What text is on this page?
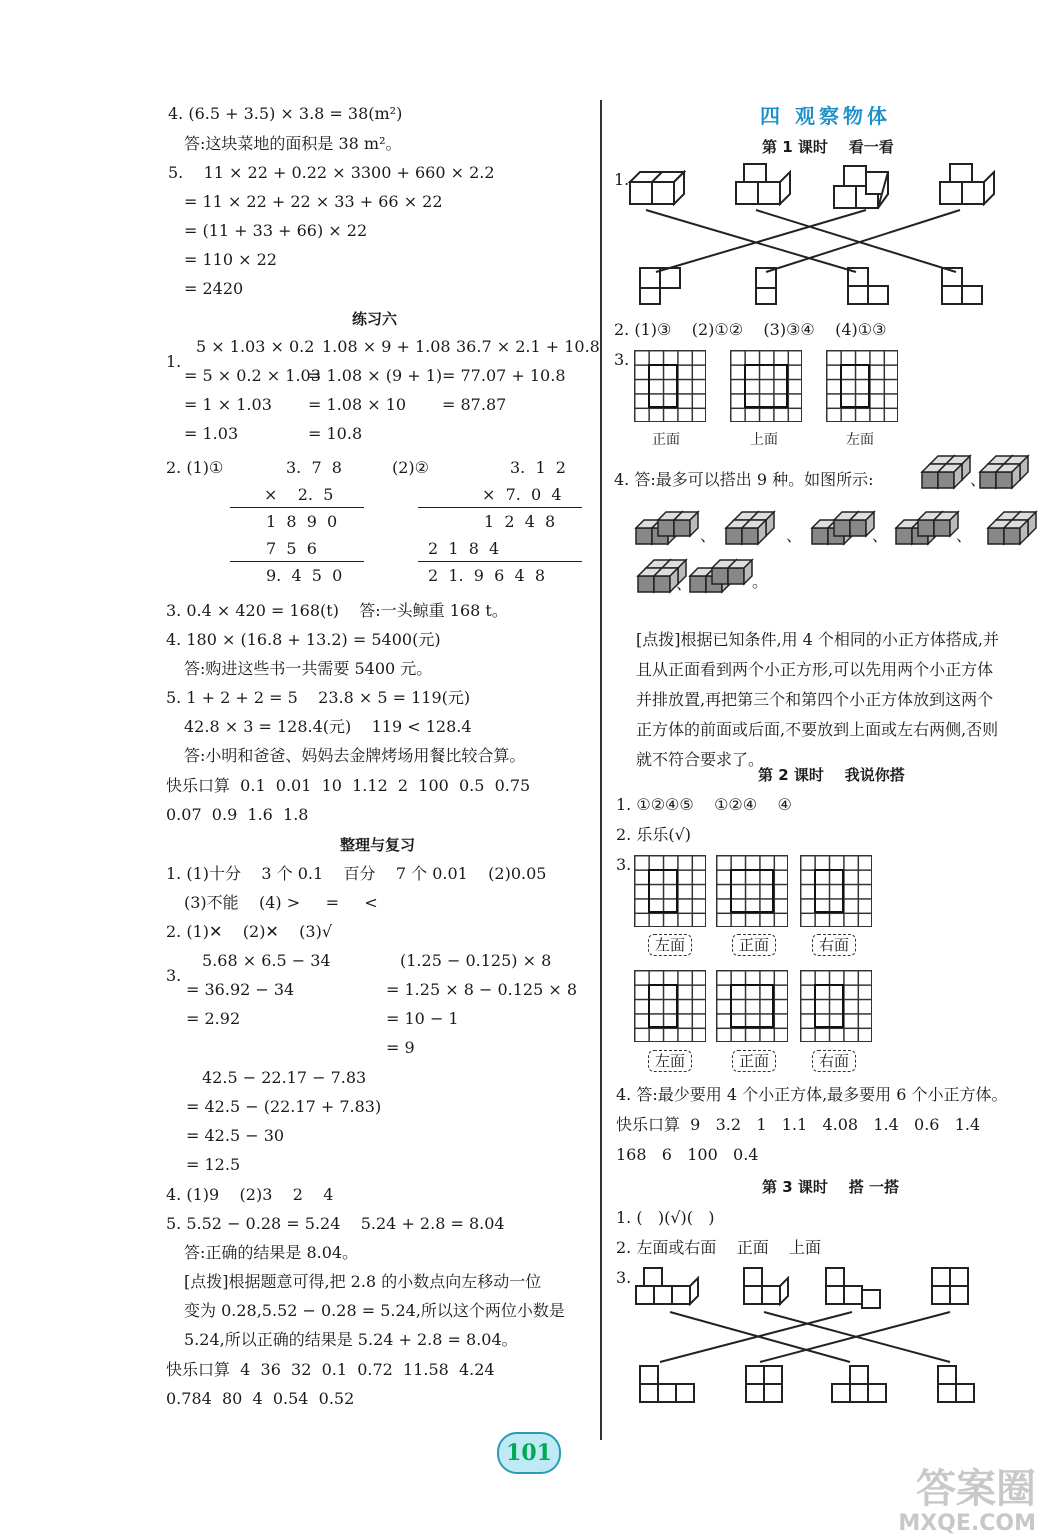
4. (6.5 + 3.5) × 3.8 = 38(m²)
答:这块菜地的面积是 38 m²。
5.    11 × 22 + 0.22 × 3300 + 660 × 2.2
= 11 × 22 + 22 × 33 + 66 × 22
= (11 + 33 + 66) × 22
= 110 × 22
= 2420
练习六
1.
5 × 1.03 × 0.2
= 5 × 0.2 × 1.03
= 1 × 1.03
= 1.03
1.08 × 9 + 1.08
= 1.08 × (9 + 1)
= 1.08 × 10
= 10.8
36.7 × 2.1 + 10.8
= 77.07 + 10.8
= 87.87
2. (1)①	(2)②
3.  7  8
×    2.  5
1  8  9  0
7  5  6
9.  4  5  0
3.  1  2
×  7.  0  4
1  2  4  8
2  1  8  4
2  1.  9  6  4  8
3. 0.4 × 420 = 168(t)    答:一头鲸重 168 t。
4. 180 × (16.8 + 13.2) = 5400(元)
答:购进这些书一共需要 5400 元。
5. 1 + 2 + 2 = 5    23.8 × 5 = 119(元)
42.8 × 3 = 128.4(元)    119 < 128.4
答:小明和爸爸、妈妈去金牌烤场用餐比较合算。
快乐口算  0.1  0.01  10  1.12  2  100  0.5  0.75
0.07  0.9  1.6  1.8
整理与复习
1. (1)十分    3 个 0.1    百分    7 个 0.01    (2)0.05
(3)不能    (4) >     =     <
2. (1)✕    (2)✕    (3)√
3.
5.68 × 6.5 − 34
= 36.92 − 34
= 2.92
(1.25 − 0.125) × 8
= 1.25 × 8 − 0.125 × 8
= 10 − 1
= 9
42.5 − 22.17 − 7.83
= 42.5 − (22.17 + 7.83)
= 42.5 − 30
= 12.5
4. (1)9    (2)3    2    4
5. 5.52 − 0.28 = 5.24    5.24 + 2.8 = 8.04
答:正确的结果是 8.04。
[点拨]根据题意可得,把 2.8 的小数点向左移动一位
变为 0.28,5.52 − 0.28 = 5.24,所以这个两位小数是
5.24,所以正确的结果是 5.24 + 2.8 = 8.04。
快乐口算  4  36  32  0.1  0.72  11.58  4.24
0.784  80  4  0.54  0.52
四 观察物体
第 1 课时    看一看
1.
2. (1)③    (2)①②    (3)③④    (4)①③
3.
正面	上面	左面
4. 答:最多可以搭出 9 种。如图所示:	、
、	、	、	、
、	。
[点拨]根据已知条件,用 4 个相同的小正方体搭成,并
且从正面看到两个小正方形,可以先用两个小正方体
并排放置,再把第三个和第四个小正方体放到这两个
正方体的前面或后面,不要放到上面或左右两侧,否则
就不符合要求了。
第 2 课时    我说你搭
1. ①②④⑤    ①②④    ④
2. 乐乐(√)
3.
左面	正面	右面
左面	正面	右面
4. 答:最少要用 4 个小正方体,最多要用 6 个小正方体。
快乐口算  9   3.2   1   1.1   4.08   1.4   0.6   1.4
168   6   100   0.4
第 3 课时    搭 一搭
1. (   )(√)(   )
2. 左面或右面    正面    上面
3.
101
答案圈
MXQE.COM
